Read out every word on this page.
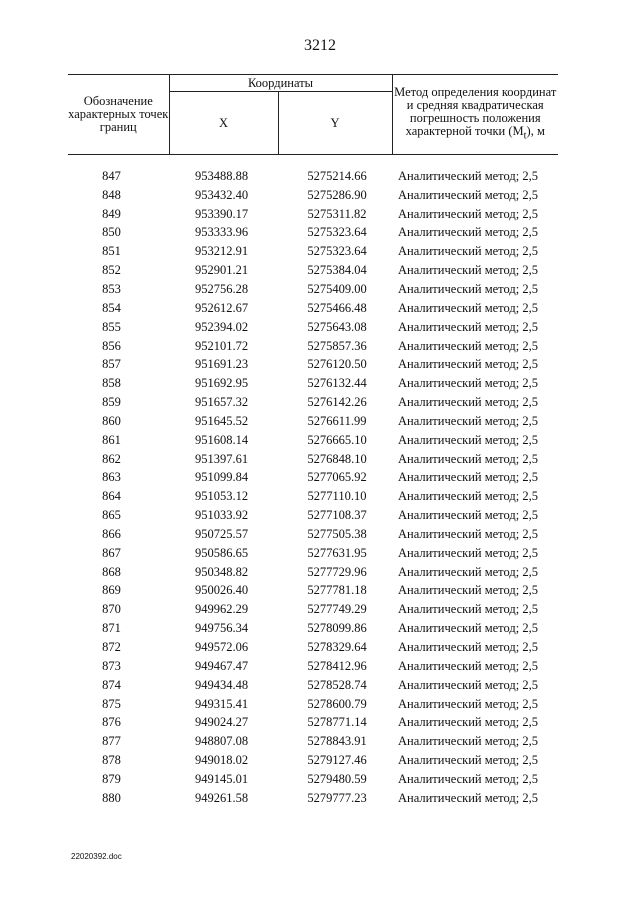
3212
Обозначение характерных точек границ	Координаты		Метод определения координат и средняя квадратическая погрешность положения характерной точки $(M_t)$, м
	X	Y	

847	953488.88	5275214.66	Аналитический метод; 2,5
848	953432.40	5275286.90	Аналитический метод; 2,5
849	953390.17	5275311.82	Аналитический метод; 2,5
850	953333.96	5275323.64	Аналитический метод; 2,5
851	953212.91	5275323.64	Аналитический метод; 2,5
852	952901.21	5275384.04	Аналитический метод; 2,5
853	952756.28	5275409.00	Аналитический метод; 2,5
854	952612.67	5275466.48	Аналитический метод; 2,5
855	952394.02	5275643.08	Аналитический метод; 2,5
856	952101.72	5275857.36	Аналитический метод; 2,5
857	951691.23	5276120.50	Аналитический метод; 2,5
858	951692.95	5276132.44	Аналитический метод; 2,5
859	951657.32	5276142.26	Аналитический метод; 2,5
860	951645.52	5276611.99	Аналитический метод; 2,5
861	951608.14	5276665.10	Аналитический метод; 2,5
862	951397.61	5276848.10	Аналитический метод; 2,5
863	951099.84	5277065.92	Аналитический метод; 2,5
864	951053.12	5277110.10	Аналитический метод; 2,5
865	951033.92	5277108.37	Аналитический метод; 2,5
866	950725.57	5277505.38	Аналитический метод; 2,5
867	950586.65	5277631.95	Аналитический метод; 2,5
868	950348.82	5277729.96	Аналитический метод; 2,5
869	950026.40	5277781.18	Аналитический метод; 2,5
870	949962.29	5277749.29	Аналитический метод; 2,5
871	949756.34	5278099.86	Аналитический метод; 2,5
872	949572.06	5278329.64	Аналитический метод; 2,5
873	949467.47	5278412.96	Аналитический метод; 2,5
874	949434.48	5278528.74	Аналитический метод; 2,5
875	949315.41	5278600.79	Аналитический метод; 2,5
876	949024.27	5278771.14	Аналитический метод; 2,5
877	948807.08	5278843.91	Аналитический метод; 2,5
878	949018.02	5279127.46	Аналитический метод; 2,5
879	949145.01	5279480.59	Аналитический метод; 2,5
880	949261.58	5279777.23	Аналитический метод; 2,5
22020392.doc
